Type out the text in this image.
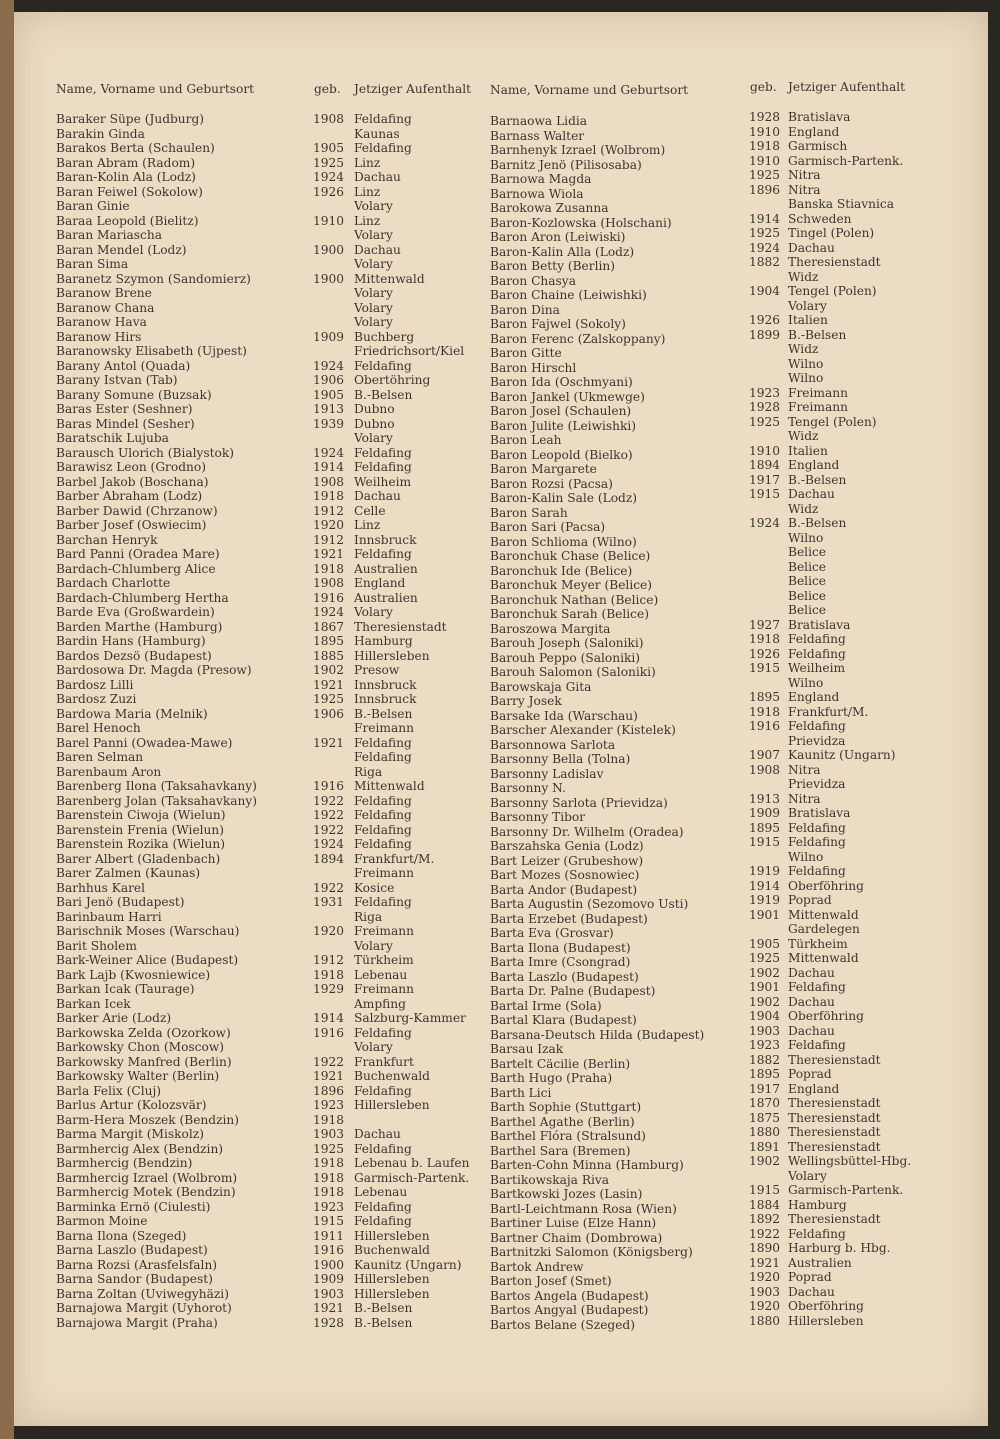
Name, Vorname und Geburtsort	geb. Jetziger Aufenthalt Name, Vorname und Geburtsort	geb. Jetziger Aufenthalt
Baraker Süpe (Judburg)
Barakin Ginda
Barakos Berta (Schaulen)
Baran Abram (Radom)
Baran-Kolin Ala (Lodz)
Baran Feiwel (Sokolow)
Baran Ginie
Baraa Leopold (Bielitz)
Baran Mariascha
Baran Mendel (Lodz)
Baran Sima
Baranetz Szymon (Sandomierz)
Baranow Brene
Baranow Chana
Baranow Hava
Baranow Hirs
Baranowsky Elisabeth (Ujpest)
Barany Antol (Quada)
Barany Istvan (Tab)
Barany Somune (Buzsak)
Baras Ester (Seshner)
Baras Mindel (Sesher)
Baratschik Lujuba
Barausch Ulorich (Bialystok)
Barawisz Leon (Grodno)
Barbel Jakob (Boschana)
Barber Abraham (Lodz)
Barber Dawid (Chrzanow)
Barber Josef (Oswiecim)
Barchan Henryk
Bard Panni (Oradea Mare)
Bardach-Chlumberg Alice
Bardach Charlotte
Bardach-Chlumberg Hertha
Barde Eva (Großwardein)
Barden Marthe (Hamburg)
Bardin Hans (Hamburg)
Bardos Dezsö (Budapest)
Bardosowa Dr. Magda (Presow)
Bardosz Lilli
Bardosz Zuzi
Bardowa Maria (Melnik)
Barel Henoch
Barel Panni (Owadea-Mawe)
Baren Selman
Barenbaum Aron
Barenberg Ilona (Taksahavkany)
Barenberg Jolan (Taksahavkany)
Barenstein Ciwoja (Wielun)
Barenstein Frenia (Wielun)
Barenstein Rozika (Wielun)
Barer Albert (Gladenbach)
Barer Zalmen (Kaunas)
Barhhus Karel
Bari Jenö (Budapest)
Barinbaum Harri
Barischnik Moses (Warschau)
Barit Sholem
Bark-Weiner Alice (Budapest)
Bark Lajb (Kwosniewice)
Barkan Icak (Taurage)
Barkan Icek
Barker Arie (Lodz)
Barkowska Zelda (Ozorkow)
Barkowsky Chon (Moscow)
Barkowsky Manfred (Berlin)
Barkowsky Walter (Berlin)
Barla Felix (Cluj)
Barlus Artur (Kolozsvär)
Barm-Hera Moszek (Bendzin)
Barma Margit (Miskolz)
Barmhercig Alex (Bendzin)
Barmhercig (Bendzin)
Barmhercig Izrael (Wolbrom)
Barmhercig Motek (Bendzin)
Barminka Ernö (Ciulesti)
Barmon Moine
Barna Ilona (Szeged)
Barna Laszlo (Budapest)
Barna Rozsi (Arasfelsfaln)
Barna Sandor (Budapest)
Barna Zoltan (Uviwegyhäzi)
Barnajowa Margit (Uyhorot)
Barnajowa Margit (Praha)
1908
1905
1925
1924
1926
1910
1900
1900
1909
1924
1906
1905
1913
1939
1924
1914
1908
1918
1912
1920
1912
1921
1918
1908
1916
1924
1867
1895
1885
1902
1921
1925
1906
1921
1916
1922
1922
1922
1924
1894
1922
1931
1920
1912
1918
1929
1914
1916
1922
1921
1896
1923
1918
1903
1925
1918
1918
1918
1923
1915
1911
1916
1900
1909
1903
1921
1928
Feldafing
Kaunas
Feldafing
Linz
Dachau
Linz
Volary
Linz
Volary
Dachau
Volary
Mittenwald
Volary
Volary
Volary
Buchberg
Friedrichsort/Kiel
Feldafing
Obertöhring
B.-Belsen
Dubno
Dubno
Volary
Feldafing
Feldafing
Weilheim
Dachau
Celle
Linz
Innsbruck
Feldafing
Australien
England
Australien
Volary
Theresienstadt
Hamburg
Hillersleben
Presow
Innsbruck
Innsbruck
B.-Belsen
Freimann
Feldafing
Feldafing
Riga
Mittenwald
Feldafing
Feldafing
Feldafing
Feldafing
Frankfurt/M.
Freimann
Kosice
Feldafing
Riga
Freimann
Volary
Türkheim
Lebenau
Freimann
Ampfing
Salzburg-Kammer
Feldafing
Volary
Frankfurt
Buchenwald
Feldafing
Hillersleben
Dachau
Feldafing
Lebenau b. Laufen
Garmisch-Partenk.
Lebenau
Feldafing
Feldafing
Hillersleben
Buchenwald
Kaunitz (Ungarn)
Hillersleben
Hillersleben
B.-Belsen
B.-Belsen
Barnaowa Lidia
Barnass Walter
Barnhenyk Izrael (Wolbrom)
Barnitz Jenö (Pilisosaba)
Barnowa Magda
Barnowa Wiola
Barokowa Zusanna
Baron-Kozlowska (Holschani)
Baron Aron (Leiwiski)
Baron-Kalin Alla (Lodz)
Baron Betty (Berlin)
Baron Chasya
Baron Chaine (Leiwishki)
Baron Dina
Baron Fajwel (Sokoly)
Baron Ferenc (Zalskoppany)
Baron Gitte
Baron Hirschl
Baron Ida (Oschmyani)
Baron Jankel (Ukmewge)
Baron Josel (Schaulen)
Baron Julite (Leiwishki)
Baron Leah
Baron Leopold (Bielko)
Baron Margarete
Baron Rozsi (Pacsa)
Baron-Kalin Sale (Lodz)
Baron Sarah
Baron Sari (Pacsa)
Baron Schlioma (Wilno)
Baronchuk Chase (Belice)
Baronchuk Ide (Belice)
Baronchuk Meyer (Belice)
Baronchuk Nathan (Belice)
Baronchuk Sarah (Belice)
Baroszowa Margita
Barouh Joseph (Saloniki)
Barouh Peppo (Saloniki)
Barouh Salomon (Saloniki)
Barowskaja Gita
Barry Josek
Barsake Ida (Warschau)
Barscher Alexander (Kistelek)
Barsonnowa Sarlota
Barsonny Bella (Tolna)
Barsonny Ladislav
Barsonny N.
Barsonny Sarlota (Prievidza)
Barsonny Tibor
Barsonny Dr. Wilhelm (Oradea)
Barszahska Genia (Lodz)
Bart Leizer (Grubeshow)
Bart Mozes (Sosnowiec)
Barta Andor (Budapest)
Barta Augustin (Sezomovo Usti)
Barta Erzebet (Budapest)
Barta Eva (Grosvar)
Barta Ilona (Budapest)
Barta Imre (Csongrad)
Barta Laszlo (Budapest)
Barta Dr. Palne (Budapest)
Bartal Irme (Sola)
Bartal Klara (Budapest)
Barsana-Deutsch Hilda (Budapest)
Barsau Izak
Bartelt Cäcilie (Berlin)
Barth Hugo (Praha)
Barth Lici
Barth Sophie (Stuttgart)
Barthel Agathe (Berlin)
Barthel Flóra (Stralsund)
Barthel Sara (Bremen)
Barten-Cohn Minna (Hamburg)
Bartikowskaja Riva
Bartkowski Jozes (Lasin)
Bartl-Leichtmann Rosa (Wien)
Bartiner Luise (Elze Hann)
Bartner Chaim (Dombrowa)
Bartnitzki Salomon (Königsberg)
Bartok Andrew
Barton Josef (Smet)
Bartos Angela (Budapest)
Bartos Angyal (Budapest)
Bartos Belane (Szeged)
1928
1910
1918
1910
1925
1896
1914
1925
1924
1882
1904
1926
1899
1923
1928
1925
1910
1894
1917
1915
1924
1927
1918
1926
1915
1895
1918
1916
1907
1908
1913
1909
1895
1915
1919
1914
1919
1901
1905
1925
1902
1901
1902
1904
1903
1923
1882
1895
1917
1870
1875
1880
1891
1902
1915
1884
1892
1922
1890
1921
1920
1903
1920
1880
Bratislava
England
Garmisch
Garmisch-Partenk.
Nitra
Nitra
Banska Stiavnica
Schweden
Tingel (Polen)
Dachau
Theresienstadt
Widz
Tengel (Polen)
Volary
Italien
B.-Belsen
Widz
Wilno
Wilno
Freimann
Freimann
Tengel (Polen)
Widz
Italien
England
B.-Belsen
Dachau
Widz
B.-Belsen
Wilno
Belice
Belice
Belice
Belice
Belice
Bratislava
Feldafing
Feldafing
Weilheim
Wilno
England
Frankfurt/M.
Feldafing
Prievidza
Kaunitz (Ungarn)
Nitra
Prievidza
Nitra
Bratislava
Feldafing
Feldafing
Wilno
Feldafing
Oberföhring
Poprad
Mittenwald
Gardelegen
Türkheim
Mittenwald
Dachau
Feldafing
Dachau
Oberföhring
Dachau
Feldafing
Theresienstadt
Poprad
England
Theresienstadt
Theresienstadt
Theresienstadt
Theresienstadt
Wellingsbüttel-Hbg.
Volary
Garmisch-Partenk.
Hamburg
Theresienstadt
Feldafing
Harburg b. Hbg.
Australien
Poprad
Dachau
Oberföhring
Hillersleben
